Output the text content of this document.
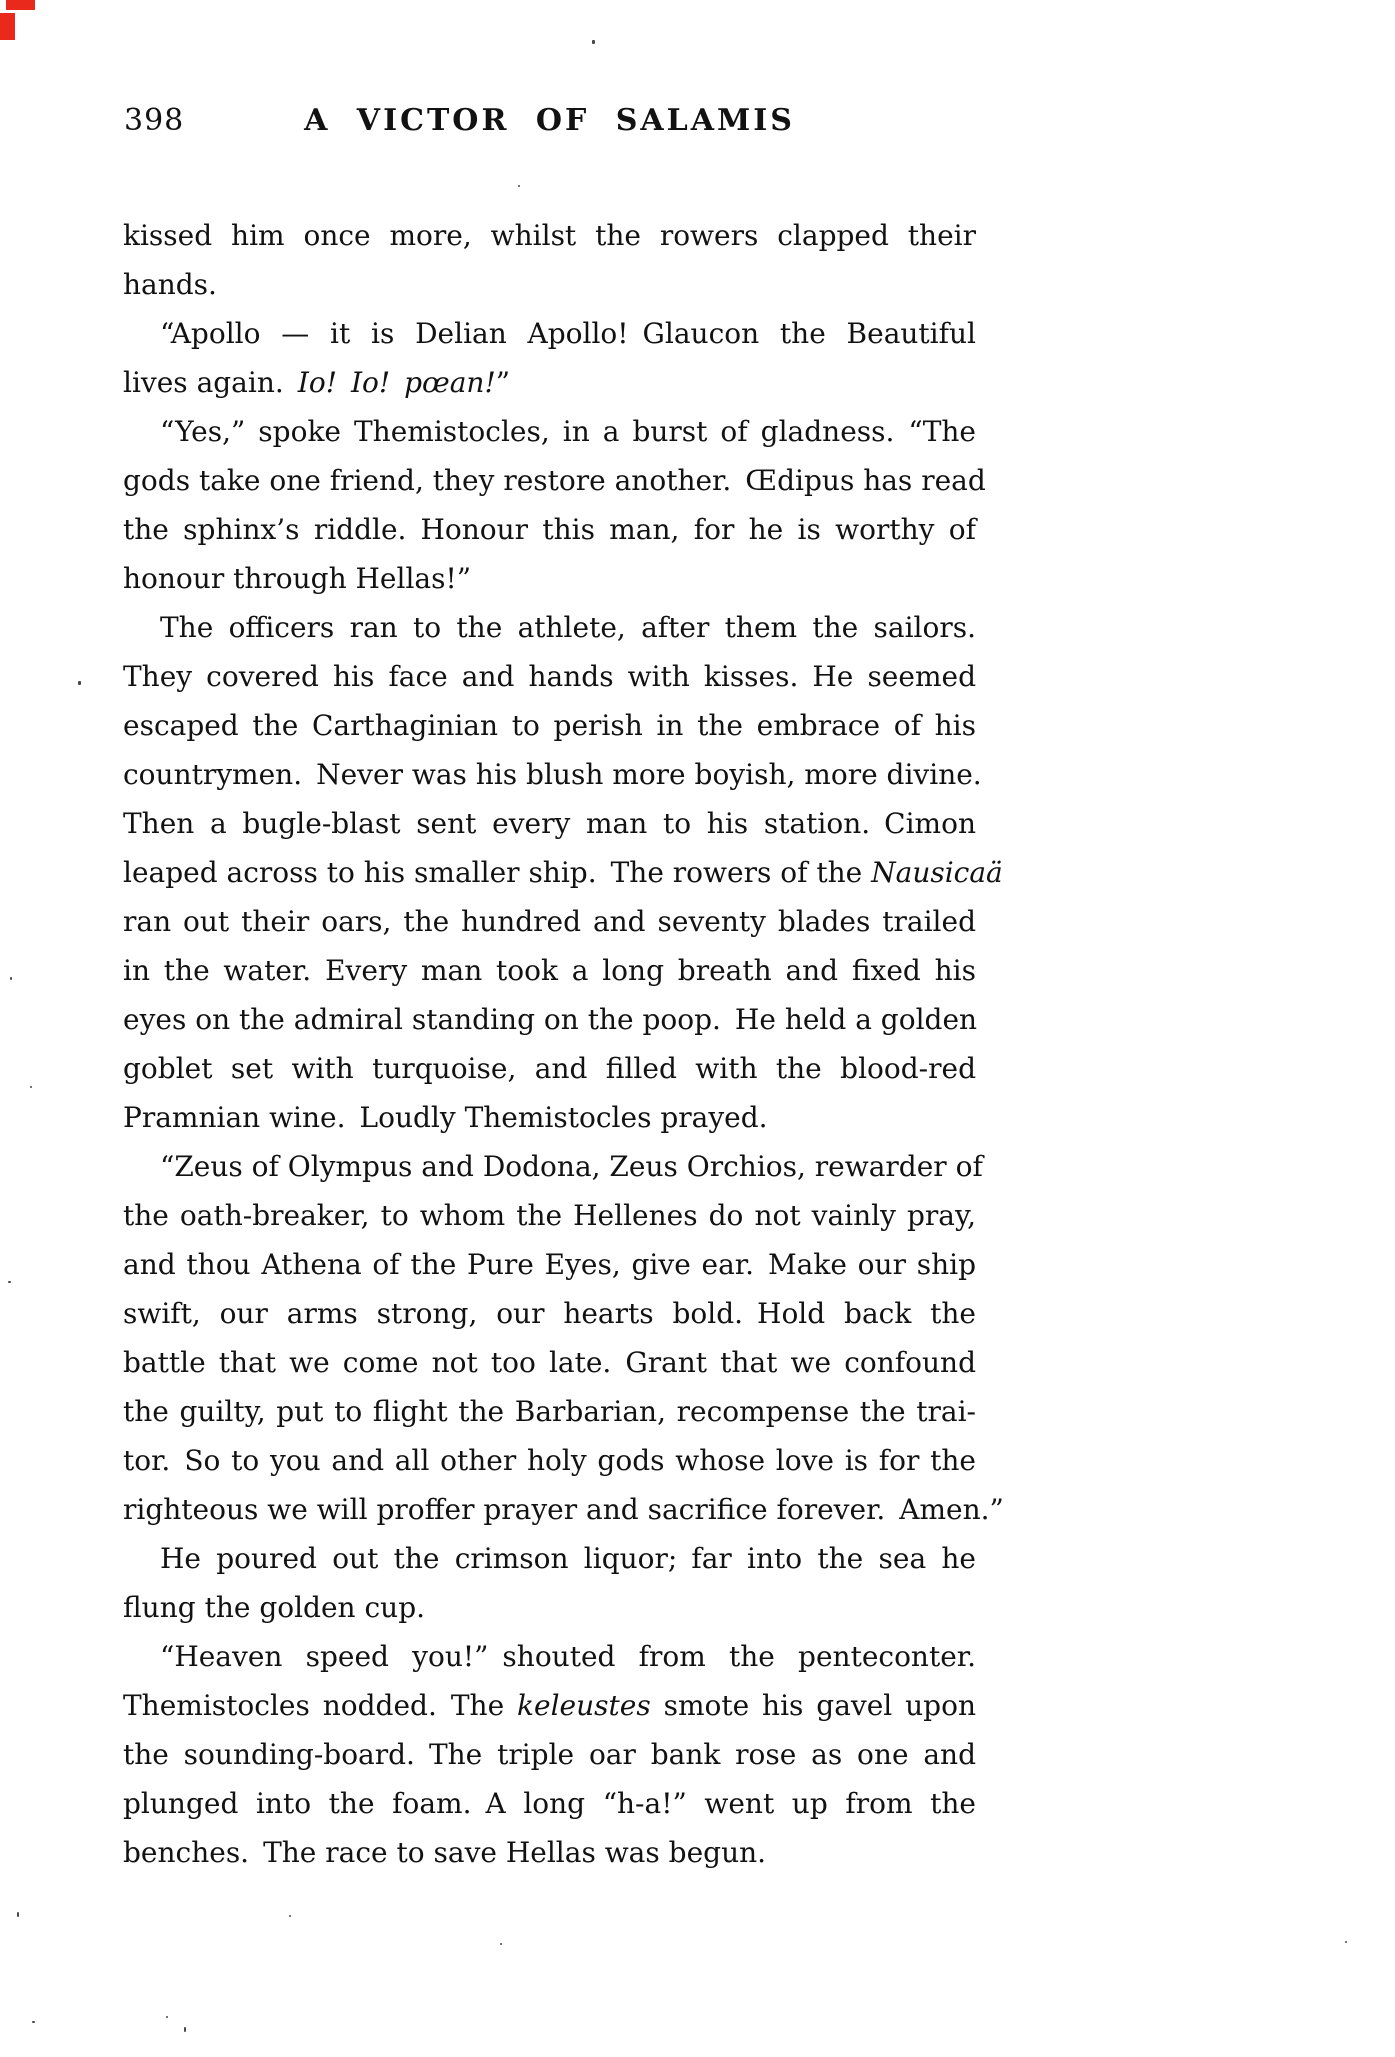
398	A VICTOR OF SALAMIS
kissed him once more, whilst the rowers clapped their
hands.
“Apollo — it is Delian Apollo! Glaucon the Beautiful
lives again. Io! Io! pœan!”
“Yes,” spoke Themistocles, in a burst of gladness. “The
gods take one friend, they restore another. Œdipus has read
the sphinx’s riddle. Honour this man, for he is worthy of
honour through Hellas!”
The officers ran to the athlete, after them the sailors.
They covered his face and hands with kisses. He seemed
escaped the Carthaginian to perish in the embrace of his
countrymen. Never was his blush more boyish, more divine.
Then a bugle-blast sent every man to his station. Cimon
leaped across to his smaller ship. The rowers of the Nausicaä
ran out their oars, the hundred and seventy blades trailed
in the water. Every man took a long breath and fixed his
eyes on the admiral standing on the poop. He held a golden
goblet set with turquoise, and filled with the blood-red
Pramnian wine. Loudly Themistocles prayed.
“Zeus of Olympus and Dodona, Zeus Orchios, rewarder of
the oath-breaker, to whom the Hellenes do not vainly pray,
and thou Athena of the Pure Eyes, give ear. Make our ship
swift, our arms strong, our hearts bold. Hold back the
battle that we come not too late. Grant that we confound
the guilty, put to flight the Barbarian, recompense the trai-
tor. So to you and all other holy gods whose love is for the
righteous we will proffer prayer and sacrifice forever. Amen.”
He poured out the crimson liquor; far into the sea he
flung the golden cup.
“Heaven speed you!” shouted from the penteconter.
Themistocles nodded. The keleustes smote his gavel upon
the sounding-board. The triple oar bank rose as one and
plunged into the foam. A long “h-a!” went up from the
benches. The race to save Hellas was begun.
